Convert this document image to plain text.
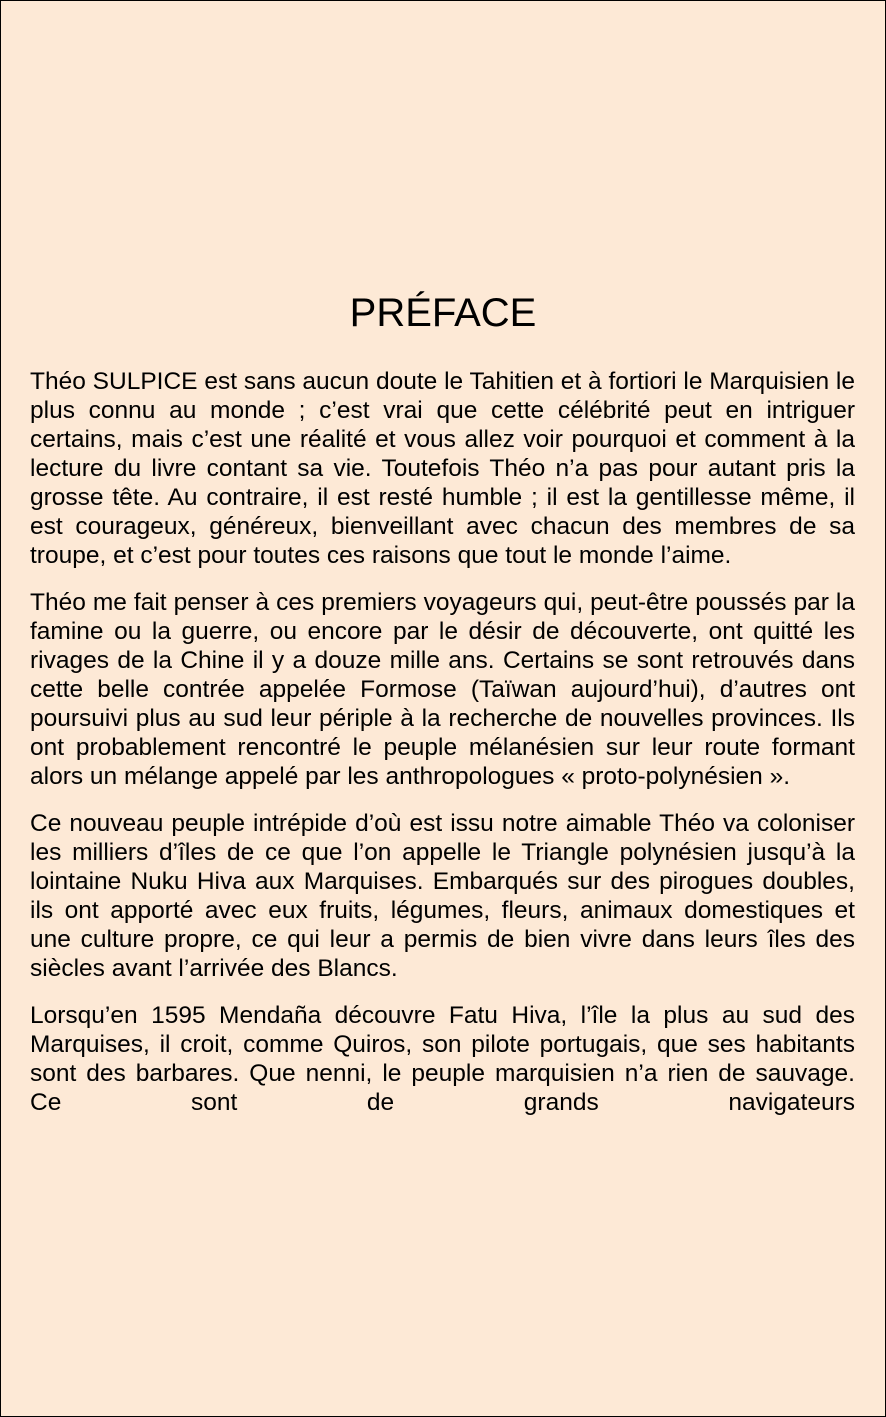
PRÉFACE

Théo SULPICE est sans aucun doute le Tahitien et à fortiori le Marquisien le plus connu au monde ; c’est vrai que cette célébrité peut en intriguer certains, mais c’est une réalité et vous allez voir pourquoi et comment à la lecture du livre contant sa vie. Toutefois Théo n’a pas pour autant pris la grosse tête. Au contraire, il est resté humble ; il est la gentillesse même, il est courageux, généreux, bienveillant avec chacun des membres de sa troupe, et c’est pour toutes ces raisons que tout le monde l’aime.

Théo me fait penser à ces premiers voyageurs qui, peut-être poussés par la famine ou la guerre, ou encore par le désir de découverte, ont quitté les rivages de la Chine il y a douze mille ans. Certains se sont retrouvés dans cette belle contrée appelée Formose (Taïwan aujourd’hui), d’autres ont poursuivi plus au sud leur périple à la recherche de nouvelles provinces. Ils ont probablement rencontré le peuple mélanésien sur leur route formant alors un mélange appelé par les anthropologues « proto-polynésien ».

Ce nouveau peuple intrépide d’où est issu notre aimable Théo va coloniser les milliers d’îles de ce que l’on appelle le Triangle polynésien jusqu’à la lointaine Nuku Hiva aux Marquises. Embarqués sur des pirogues doubles, ils ont apporté avec eux fruits, légumes, fleurs, animaux domestiques et une culture propre, ce qui leur a permis de bien vivre dans leurs îles des siècles avant l’arrivée des Blancs.

Lorsqu’en 1595 Mendaña découvre Fatu Hiva, l’île la plus au sud des Marquises, il croit, comme Quiros, son pilote portugais, que ses habitants sont des barbares. Que nenni, le peuple marquisien n’a rien de sauvage. Ce sont de grands navigateurs
